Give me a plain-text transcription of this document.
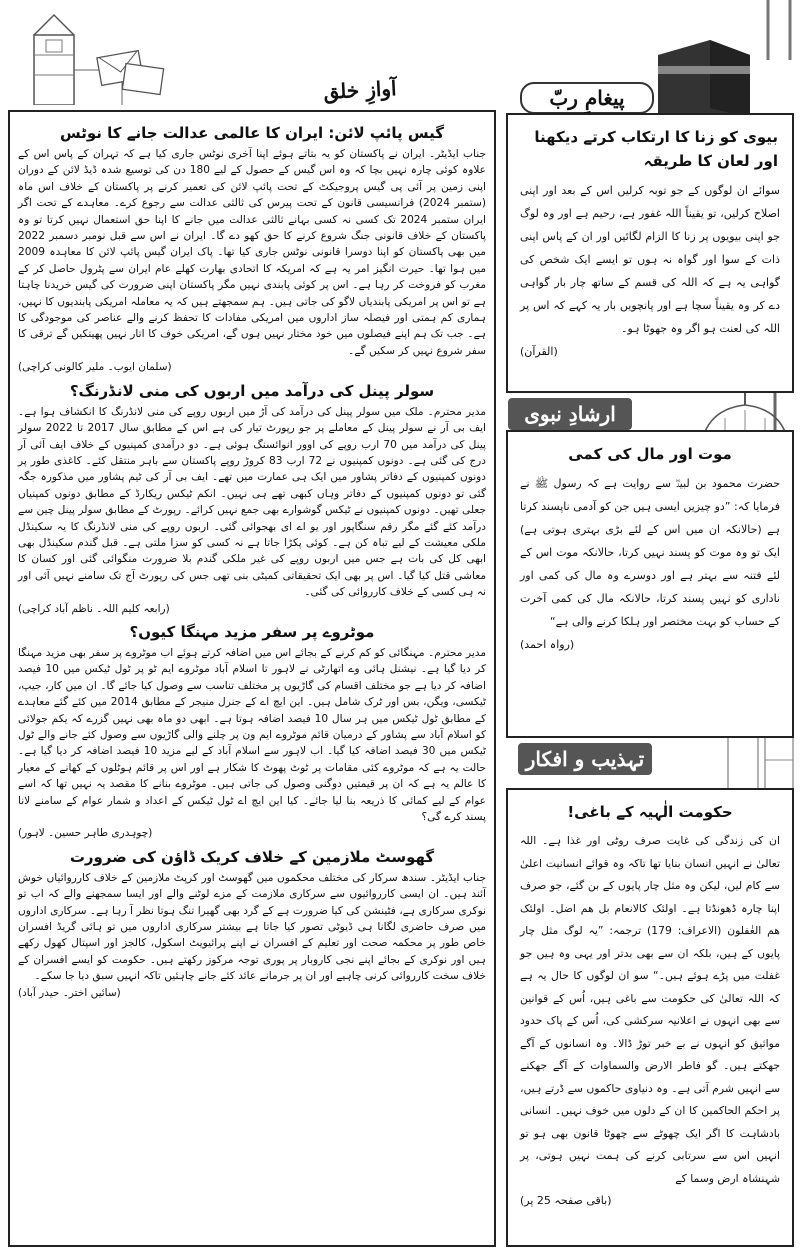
آوازِ خلق
گیس پائپ لائن: ایران کا عالمی عدالت جانے کا نوٹس
جناب ایڈیٹر۔ ایران نے پاکستان کو یہ بتاتے ہوئے اپنا آخری نوٹس جاری کیا ہے کہ تہران کے پاس اس کے علاوہ کوئی چارہ نہیں بچا کہ وہ اس گیس کے حصول کے لیے 180 دن کی توسیع شدہ ڈیڈ لائن کے دوران اپنی زمین پر آئی پی گیس پروجیکٹ کے تحت پائپ لائن کی تعمیر کرنے پر پاکستان کے خلاف اس ماہ (ستمبر 2024) فرانسیسی قانون کے تحت پیرس کی ثالثی عدالت سے رجوع کرے۔ معاہدے کے تحت اگر ایران ستمبر 2024 تک کسی نہ کسی بہانے ثالثی عدالت میں جانے کا اپنا حق استعمال نہیں کرتا تو وہ پاکستان کے خلاف قانونی جنگ شروع کرنے کا حق کھو دے گا۔ ایران نے اس سے قبل نومبر دسمبر 2022 میں بھی پاکستان کو اپنا دوسرا قانونی نوٹس جاری کیا تھا۔ پاک ایران گیس پائپ لائن کا معاہدہ 2009 میں ہوا تھا۔ حیرت انگیز امر یہ ہے کہ امریکہ کا اتحادی بھارت کھلے عام ایران سے پٹرول حاصل کر کے مغرب کو فروخت کر رہا ہے۔ اس پر کوئی پابندی نہیں مگر پاکستان اپنی ضرورت کی گیس خریدنا چاہتا ہے تو اس پر امریکی پابندیاں لاگو کی جاتی ہیں۔ ہم سمجھتے ہیں کہ یہ معاملہ امریکی پابندیوں کا نہیں، ہماری کم ہمتی اور فیصلہ ساز اداروں میں امریکی مفادات کا تحفظ کرنے والے عناصر کی موجودگی کا ہے۔ جب تک ہم اپنے فیصلوں میں خود مختار نہیں ہوں گے، امریکی خوف کا اتار نہیں پھینکیں گے ترقی کا سفر شروع نہیں کر سکیں گے۔
(سلمان ایوب۔ ملیر کالونی کراچی)
سولر پینل کی درآمد میں اربوں کی منی لانڈرنگ؟
مدیر محترم۔ ملک میں سولر پینل کی درآمد کی آڑ میں اربوں روپے کی منی لانڈرنگ کا انکشاف ہوا ہے۔ ایف بی آر نے سولر پینل کے معاملے پر جو رپورٹ تیار کی ہے اس کے مطابق سال 2017 تا 2022 سولر پینل کی درآمد میں 70 ارب روپے کی اوور انوائسنگ ہوئی ہے۔ دو درآمدی کمپنیوں کے خلاف ایف آئی آر درج کی گئی ہے۔ دونوں کمپنیوں نے 72 ارب 83 کروڑ روپے پاکستان سے باہر منتقل کئے۔ کاغذی طور پر دونوں کمپنیوں کے دفاتر پشاور میں ایک ہی عمارت میں تھے۔ ایف بی آر کی ٹیم پشاور میں مذکورہ جگہ گئی تو دونوں کمپنیوں کے دفاتر وہاں کبھی تھے ہی نہیں۔ انکم ٹیکس ریکارڈ کے مطابق دونوں کمپنیاں جعلی تھیں۔ دونوں کمپنیوں نے ٹیکس گوشوارے بھی جمع نہیں کرائے۔ رپورٹ کے مطابق سولر پینل چین سے درآمد کئے گئے مگر رقم سنگاپور اور یو اے ای بھجوائی گئی۔ اربوں روپے کی منی لانڈرنگ کا یہ سکینڈل ملکی معیشت کے لیے تباہ کن ہے۔ کوئی پکڑا جاتا ہے نہ کسی کو سزا ملتی ہے۔ قبل گندم سکینڈل بھی ابھی کل کی بات ہے جس میں اربوں روپے کی غیر ملکی گندم بلا ضرورت منگوائی گئی اور کسان کا معاشی قتل کیا گیا۔ اس پر بھی ایک تحقیقاتی کمیٹی بنی تھی جس کی رپورٹ آج تک سامنے نہیں آئی اور نہ ہی کسی کے خلاف کارروائی کی گئی۔
(رابعہ کلیم اللہ۔ ناظم آباد کراچی)
موٹروے پر سفر مزید مہنگا کیوں؟
مدیر محترم۔ مہنگائی کو کم کرنے کے بجائے اس میں اضافہ کرتے ہوئے اب موٹروے پر سفر بھی مزید مہنگا کر دیا گیا ہے۔ نیشنل ہائی وے اتھارٹی نے لاہور تا اسلام آباد موٹروے ایم ٹو پر ٹول ٹیکس میں 10 فیصد اضافہ کر دیا ہے جو مختلف اقسام کی گاڑیوں پر مختلف تناسب سے وصول کیا جائے گا۔ ان میں کار، جیپ، ٹیکسی، ویگن، بس اور ٹرک شامل ہیں۔ این ایچ اے کے جنرل منیجر کے مطابق 2014 میں کئے گئے معاہدے کے مطابق ٹول ٹیکس میں ہر سال 10 فیصد اضافہ ہوتا ہے۔ ابھی دو ماہ بھی نہیں گزرے کہ یکم جولائی کو اسلام آباد سے پشاور کے درمیان قائم موٹروے ایم ون پر چلنے والی گاڑیوں سے وصول کئے جانے والے ٹول ٹیکس میں 30 فیصد اضافہ کیا گیا۔ اب لاہور سے اسلام آباد کے لیے مزید 10 فیصد اضافہ کر دیا گیا ہے۔ حالت یہ ہے کہ موٹروے کئی مقامات پر ٹوٹ پھوٹ کا شکار ہے اور اس پر قائم ہوٹلوں کے کھانے کے معیار کا عالم یہ ہے کہ ان پر قیمتیں دوگنی وصول کی جاتی ہیں۔ موٹروے بنانے کا مقصد یہ نہیں تھا کہ اسے عوام کے لیے کمائی کا ذریعہ بنا لیا جائے۔ کیا این ایچ اے ٹول ٹیکس کے اعداد و شمار عوام کے سامنے لانا پسند کرے گی؟
(چوہدری طاہر حسین۔ لاہور)
گھوسٹ ملازمین کے خلاف کریک ڈاؤن کی ضرورت
جناب ایڈیٹر۔ سندھ سرکار کی مختلف محکموں میں گھوسٹ اور کرپٹ ملازمین کے خلاف کارروائیاں خوش آئند ہیں۔ ان ایسی کارروائیوں سے سرکاری ملازمت کے مزے لوٹنے والے اور ایسا سمجھنے والے کہ اب تو نوکری سرکاری ہے، فٹینشن کی کیا ضرورت ہے کے گرد بھی گھیرا تنگ ہوتا نظر آ رہا ہے۔ سرکاری اداروں میں صرف حاضری لگانا ہی ڈیوٹی تصور کیا جاتا ہے بیشتر سرکاری اداروں میں تو ہائی گریڈ افسران خاص طور پر محکمہ صحت اور تعلیم کے افسران نے اپنے پرائیویٹ اسکول، کالجز اور اسپتال کھول رکھے ہیں اور نوکری کے بجائے اپنے نجی کاروبار پر پوری توجہ مرکوز رکھتے ہیں۔ حکومت کو ایسے افسران کے خلاف سخت کارروائی کرنی چاہیے اور ان پر جرمانے عائد کئے جانے چاہئیں تاکہ انہیں سبق دیا جا سکے۔
(سائیں اختر۔ حیدر آباد)
پیغامِ ربّ
بیوی کو زنا کا ارتکاب کرتے دیکھنا اور لعان کا طریقہ
سوائے ان لوگوں کے جو توبہ کرلیں اس کے بعد اور اپنی اصلاح کرلیں، تو یقیناً اللہ غفور ہے، رحیم ہے اور وہ لوگ جو اپنی بیویوں پر زنا کا الزام لگائیں اور ان کے پاس اپنی ذات کے سوا اور گواہ نہ ہوں تو ایسے ایک شخص کی گواہی یہ ہے کہ اللہ کی قسم کے ساتھ چار بار گواہی دے کر وہ یقیناً سچا ہے اور پانچویں بار یہ کہے کہ اس پر اللہ کی لعنت ہو اگر وہ جھوٹا ہو۔
(القرآن)
ارشادِ نبوی
موت اور مال کی کمی
حضرت محمود بن لبیدؓ سے روایت ہے کہ رسول ﷺ نے فرمایا کہ: ”دو چیزیں ایسی ہیں جن کو آدمی ناپسند کرتا ہے (حالانکہ ان میں اس کے لئے بڑی بہتری ہوتی ہے) ایک تو وہ موت کو پسند نہیں کرتا، حالانکہ موت اس کے لئے فتنہ سے بہتر ہے اور دوسرے وہ مال کی کمی اور ناداری کو نہیں پسند کرتا، حالانکہ مال کی کمی آخرت کے حساب کو بہت مختصر اور ہلکا کرنے والی ہے“
(رواہ احمد)
تہذیب و افکار
حکومت الٰہیہ کے باغی!
ان کی زندگی کی غایت صرف روٹی اور غذا ہے۔ اللہ تعالیٰ نے انہیں انسان بنایا تھا تاکہ وہ قوائے انسانیت اعلیٰ سے کام لیں، لیکن وہ مثل چار پایوں کے بن گئے، جو صرف اپنا چارہ ڈھونڈتا ہے۔ اولئک کالانعام بل ھم اضل۔ اولئک ھم الغٰفلون (الاعراف: 179) ترجمہ: ”یہ لوگ مثل چار پایوں کے ہیں، بلکہ ان سے بھی بدتر اور یہی وہ ہیں جو غفلت میں پڑے ہوئے ہیں۔“ سو ان لوگوں کا حال یہ ہے کہ اللہ تعالیٰ کی حکومت سے باغی ہیں، اُس کے قوانین سے بھی انہوں نے اعلانیہ سرکشی کی، اُس کے پاک حدود مواثیق کو انہوں نے بے خبر توڑ ڈالا۔ وہ انسانوں کے آگے جھکتے ہیں۔ گو فاطر الارض والسماوات کے آگے جھکنے سے انہیں شرم آتی ہے۔ وہ دنیاوی حاکموں سے ڈرتے ہیں، پر احکم الحاکمین کا ان کے دلوں میں خوف نہیں۔ انسانی بادشاہت کا اگر ایک چھوٹے سے چھوٹا قانون بھی ہو تو انہیں اس سے سرتابی کرنے کی ہمت نہیں ہوتی، پر شہنشاہ ارض وسما کے
(باقی صفحہ 25 پر)
